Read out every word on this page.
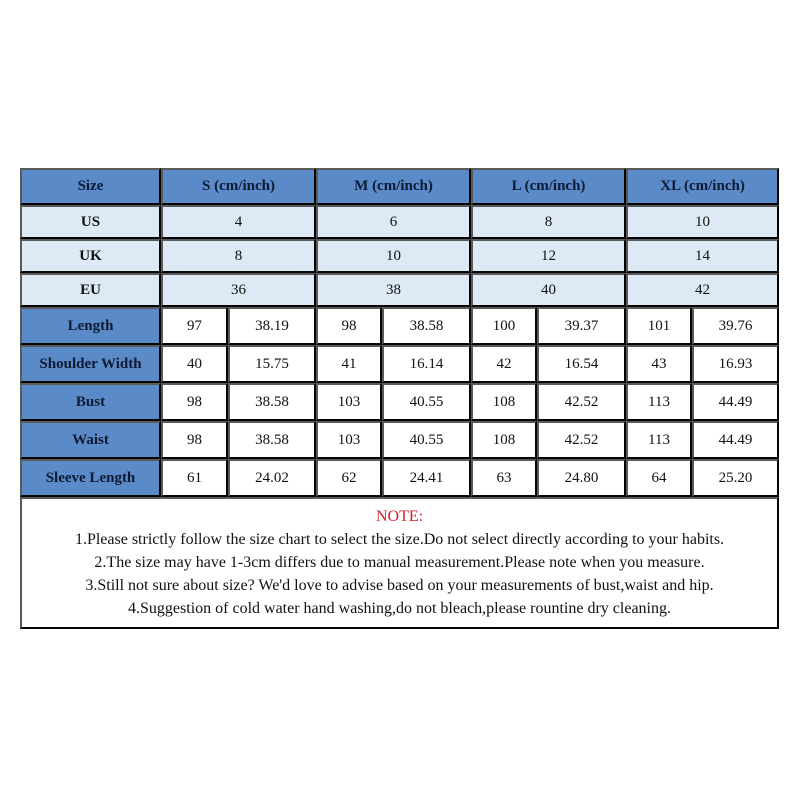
Size	S (cm/inch)		M (cm/inch)		L (cm/inch)		XL (cm/inch)	
US	4		6		8		10	
UK	8		10		12		14	
EU	36		38		40		42	
Length	97	38.19	98	38.58	100	39.37	101	39.76
Shoulder Width	40	15.75	41	16.14	42	16.54	43	16.93
Bust	98	38.58	103	40.55	108	42.52	113	44.49
Waist	98	38.58	103	40.55	108	42.52	113	44.49
Sleeve Length	61	24.02	62	24.41	63	24.80	64	25.20

NOTE:
1.Please strictly follow the size chart to select the size.Do not select directly according to your habits.
2.The size may have 1-3cm differs due to manual measurement.Please note when you measure.
3.Still not sure about size? We'd love to advise based on your measurements of bust,waist and hip.
4.Suggestion of cold water hand washing,do not bleach,please rountine dry cleaning.								
